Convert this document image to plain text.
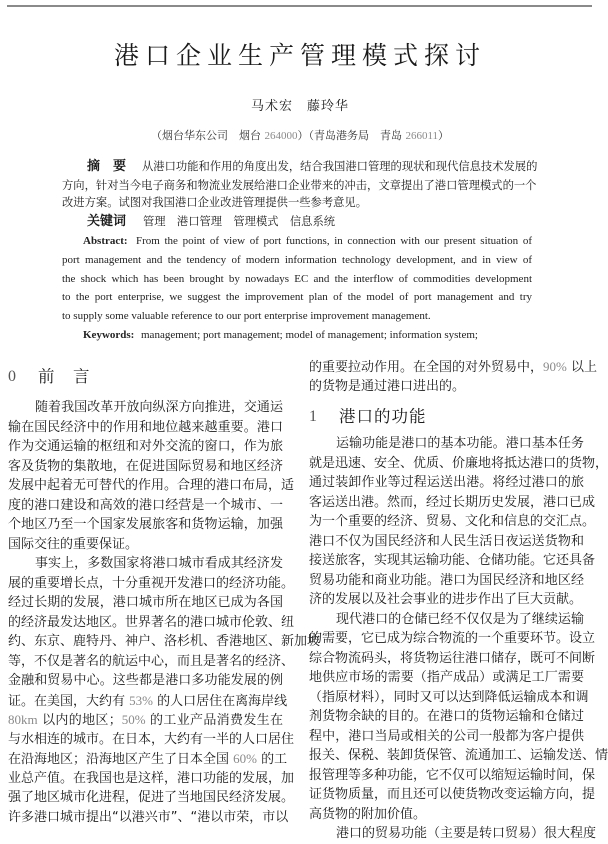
港口企业生产管理模式探讨
马术宏　藤玲华
（烟台华东公司　烟台 264000）（青岛港务局　青岛 266011）
摘　要
关键词 管理　港口管理　管理模式　信息系统
Abstract:
Keywords: management; port management; model of management; information system;
从港口功能和作用的角度出发，结合我国港口管理的现状和现代信息技术发展的
方向，针对当今电子商务和物流业发展给港口企业带来的冲击，文章提出了港口管理模式的一个
改进方案。试图对我国港口企业改进管理提供一些参考意见。
From the point of view of port functions, in connection with our present situation of
port management and the tendency of modern information technology development, and in view of
the shock which has been brought by nowadays EC and the interflow of commodities development
to the port enterprise, we suggest the improvement plan of the model of port management and try
to supply some valuable reference to our port enterprise improvement management.
0 前　言
随着我国改革开放向纵深方向推进，交通运
输在国民经济中的作用和地位越来越重要。港口
作为交通运输的枢纽和对外交流的窗口，作为旅
客及货物的集散地，在促进国际贸易和地区经济
发展中起着无可替代的作用。合理的港口布局，适
度的港口建设和高效的港口经营是一个城市、一
个地区乃至一个国家发展旅客和货物运输，加强
国际交往的重要保证。
事实上，多数国家将港口城市看成其经济发
展的重要增长点，十分重视开发港口的经济功能。
经过长期的发展，港口城市所在地区已成为各国
的经济最发达地区。世界著名的港口城市伦敦、纽
约、东京、鹿特丹、神户、洛杉机、香港地区、新加坡
等，不仅是著名的航运中心，而且是著名的经济、
金融和贸易中心。这些都是港口多功能发展的例
证。在美国，大约有 53% 的人口居住在离海岸线
80km 以内的地区；50% 的工业产品消费发生在
与水相连的城市。在日本，大约有一半的人口居住
在沿海地区；沿海地区产生了日本全国 60% 的工
业总产值。在我国也是这样，港口功能的发展，加
强了地区城市化进程，促进了当地国民经济发展。
许多港口城市提出“以港兴市”、“港以市荣，市以
的重要拉动作用。在全国的对外贸易中，90% 以上
的货物是通过港口进出的。
1 港口的功能
运输功能是港口的基本功能。港口基本任务
就是迅速、安全、优质、价廉地将抵达港口的货物，
通过装卸作业等过程运送出港。将经过港口的旅
客运送出港。然而，经过长期历史发展，港口已成
为一个重要的经济、贸易、文化和信息的交汇点。
港口不仅为国民经济和人民生活日夜运送货物和
接送旅客，实现其运输功能、仓储功能。它还具备
贸易功能和商业功能。港口为国民经济和地区经
济的发展以及社会事业的进步作出了巨大贡献。
现代港口的仓储已经不仅仅是为了继续运输
的需要，它已成为综合物流的一个重要环节。设立
综合物流码头，将货物运往港口储存，既可不间断
地供应市场的需要（指产成品）或满足工厂需要
（指原材料），同时又可以达到降低运输成本和调
剂货物余缺的目的。在港口的货物运输和仓储过
程中，港口当局或相关的公司一般都为客户提供
报关、保税、装卸货保管、流通加工、运输发送、情
报管理等多种功能，它不仅可以缩短运输时间，保
证货物质量，而且还可以使货物改变运输方向，提
高货物的附加价值。
港口的贸易功能（主要是转口贸易）很大程度
